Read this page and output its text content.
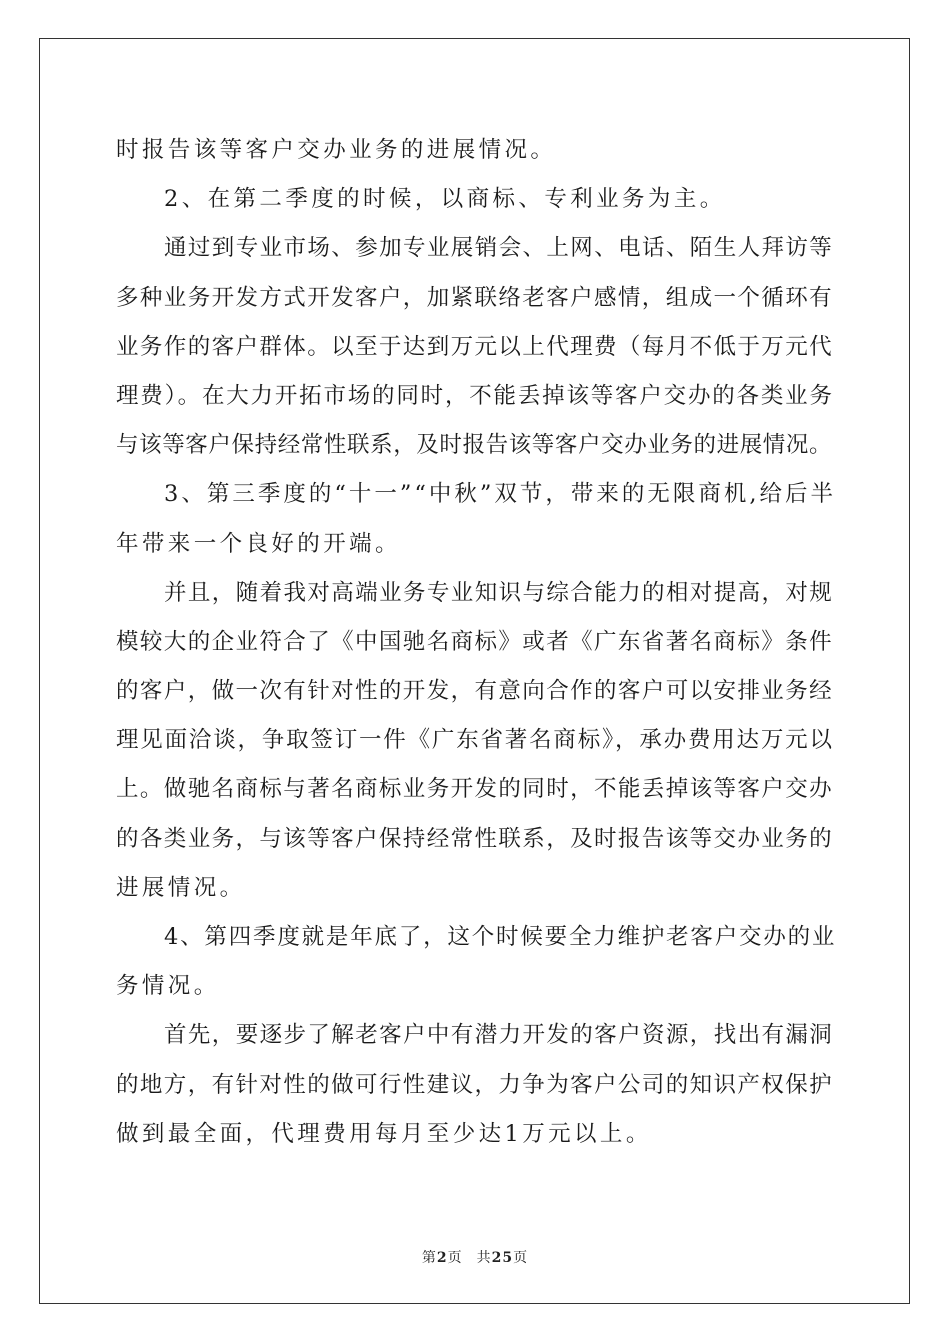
时报告该等客户交办业务的进展情况。
2、在第二季度的时候，以商标、专利业务为主。
通过到专业市场、参加专业展销会、上网、电话、陌生人拜访等
多种业务开发方式开发客户，加紧联络老客户感情，组成一个循环有
业务作的客户群体。以至于达到万元以上代理费（每月不低于万元代
理费）。在大力开拓市场的同时，不能丢掉该等客户交办的各类业务
与该等客户保持经常性联系，及时报告该等客户交办业务的进展情况。
3、第三季度的“十一”“中秋”双节，带来的无限商机,给后半
年带来一个良好的开端。
并且，随着我对高端业务专业知识与综合能力的相对提高，对规
模较大的企业符合了《中国驰名商标》或者《广东省著名商标》条件
的客户，做一次有针对性的开发，有意向合作的客户可以安排业务经
理见面洽谈，争取签订一件《广东省著名商标》，承办费用达万元以
上。做驰名商标与著名商标业务开发的同时，不能丢掉该等客户交办
的各类业务，与该等客户保持经常性联系，及时报告该等交办业务的
进展情况。
4、第四季度就是年底了，这个时候要全力维护老客户交办的业
务情况。
首先，要逐步了解老客户中有潜力开发的客户资源，找出有漏洞
的地方，有针对性的做可行性建议，力争为客户公司的知识产权保护
做到最全面，代理费用每月至少达1万元以上。
第2页 共25页
